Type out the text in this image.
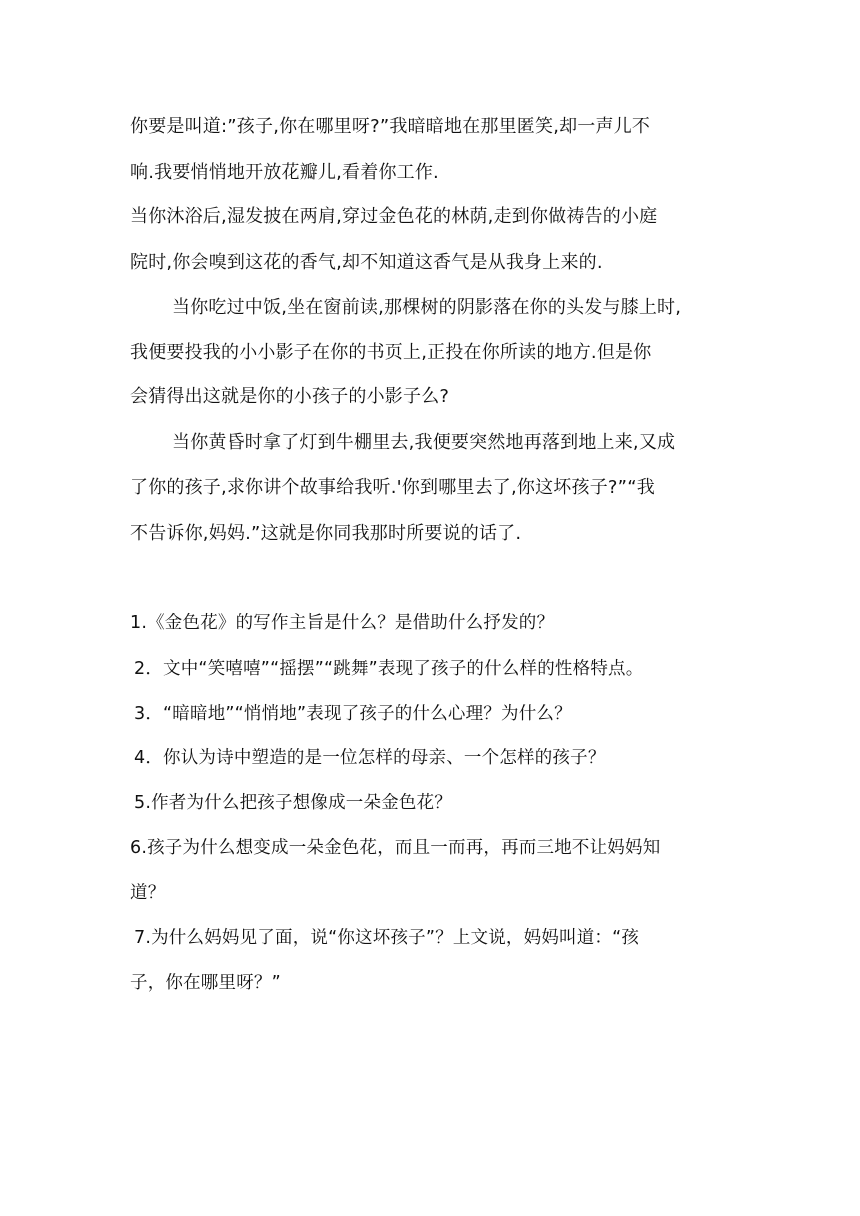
你要是叫道:”孩子,你在哪里呀?”我暗暗地在那里匿笑,却一声儿不
响.我要悄悄地开放花瓣儿,看着你工作.
当你沐浴后,湿发披在两肩,穿过金色花的林荫,走到你做祷告的小庭
院时,你会嗅到这花的香气,却不知道这香气是从我身上来的.
当你吃过中饭,坐在窗前读,那棵树的阴影落在你的头发与膝上时,
我便要投我的小小影子在你的书页上,正投在你所读的地方.但是你
会猜得出这就是你的小孩子的小影子么?
当你黄昏时拿了灯到牛棚里去,我便要突然地再落到地上来,又成
了你的孩子,求你讲个故事给我听.'你到哪里去了,你这坏孩子?”“我
不告诉你,妈妈.”这就是你同我那时所要说的话了.
1.《金色花》的写作主旨是什么？是借助什么抒发的？
2．文中“笑嘻嘻”“摇摆”“跳舞”表现了孩子的什么样的性格特点。
3．“暗暗地”“悄悄地”表现了孩子的什么心理？为什么？
4．你认为诗中塑造的是一位怎样的母亲、一个怎样的孩子？
5.作者为什么把孩子想像成一朵金色花？
6.孩子为什么想变成一朵金色花，而且一而再，再而三地不让妈妈知
道？
7.为什么妈妈见了面，说“你这坏孩子”？上文说，妈妈叫道：“孩
子，你在哪里呀？”
